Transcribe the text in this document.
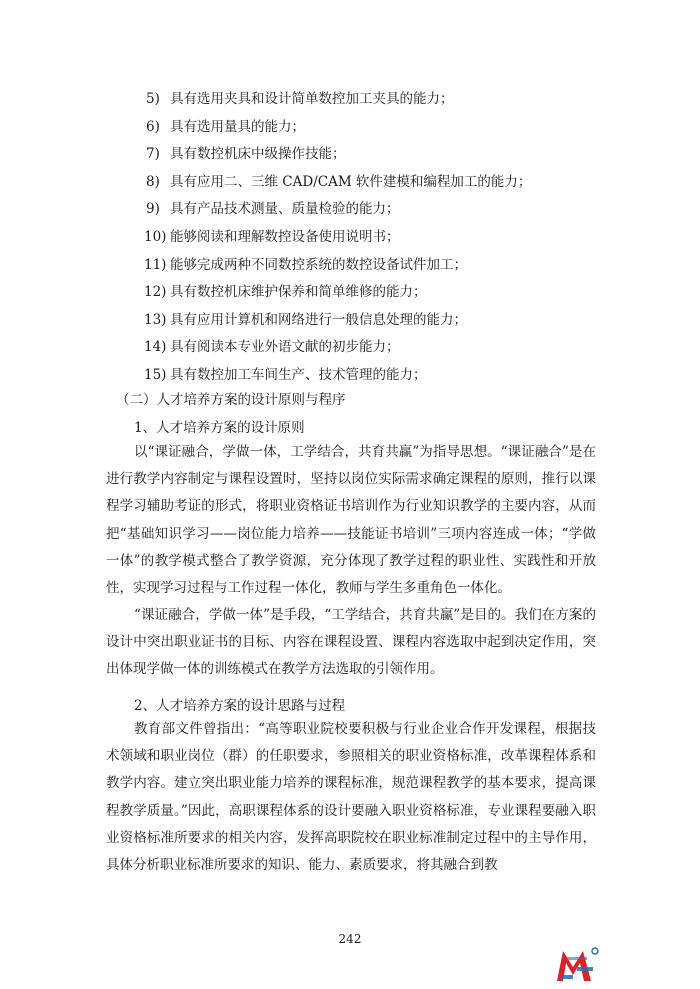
5) 具有选用夹具和设计简单数控加工夹具的能力；
6) 具有选用量具的能力；
7) 具有数控机床中级操作技能；
8) 具有应用二、三维 CAD/CAM 软件建模和编程加工的能力；
9) 具有产品技术测量、质量检验的能力；
10) 能够阅读和理解数控设备使用说明书；
11) 能够完成两种不同数控系统的数控设备试件加工；
12) 具有数控机床维护保养和简单维修的能力；
13) 具有应用计算机和网络进行一般信息处理的能力；
14) 具有阅读本专业外语文献的初步能力；
15) 具有数控加工车间生产、技术管理的能力；
（二）人才培养方案的设计原则与程序
1、人才培养方案的设计原则
以“课证融合，学做一体，工学结合，共育共赢”为指导思想。“课证融合”是在进行教学内容制定与课程设置时，坚持以岗位实际需求确定课程的原则，推行以课程学习辅助考证的形式，将职业资格证书培训作为行业知识教学的主要内容，从而把“基础知识学习——岗位能力培养——技能证书培训”三项内容连成一体；“学做一体”的教学模式整合了教学资源，充分体现了教学过程的职业性、实践性和开放性，实现学习过程与工作过程一体化，教师与学生多重角色一体化。
“课证融合，学做一体”是手段，“工学结合，共育共赢”是目的。我们在方案的设计中突出职业证书的目标、内容在课程设置、课程内容选取中起到决定作用，突出体现学做一体的训练模式在教学方法选取的引领作用。
2、人才培养方案的设计思路与过程
教育部文件曾指出：“高等职业院校要积极与行业企业合作开发课程，根据技术领域和职业岗位（群）的任职要求，参照相关的职业资格标准，改革课程体系和教学内容。建立突出职业能力培养的课程标准，规范课程教学的基本要求，提高课程教学质量。”因此，高职课程体系的设计要融入职业资格标准，专业课程要融入职业资格标准所要求的相关内容，发挥高职院校在职业标准制定过程中的主导作用，具体分析职业标准所要求的知识、能力、素质要求，将其融合到教
242
